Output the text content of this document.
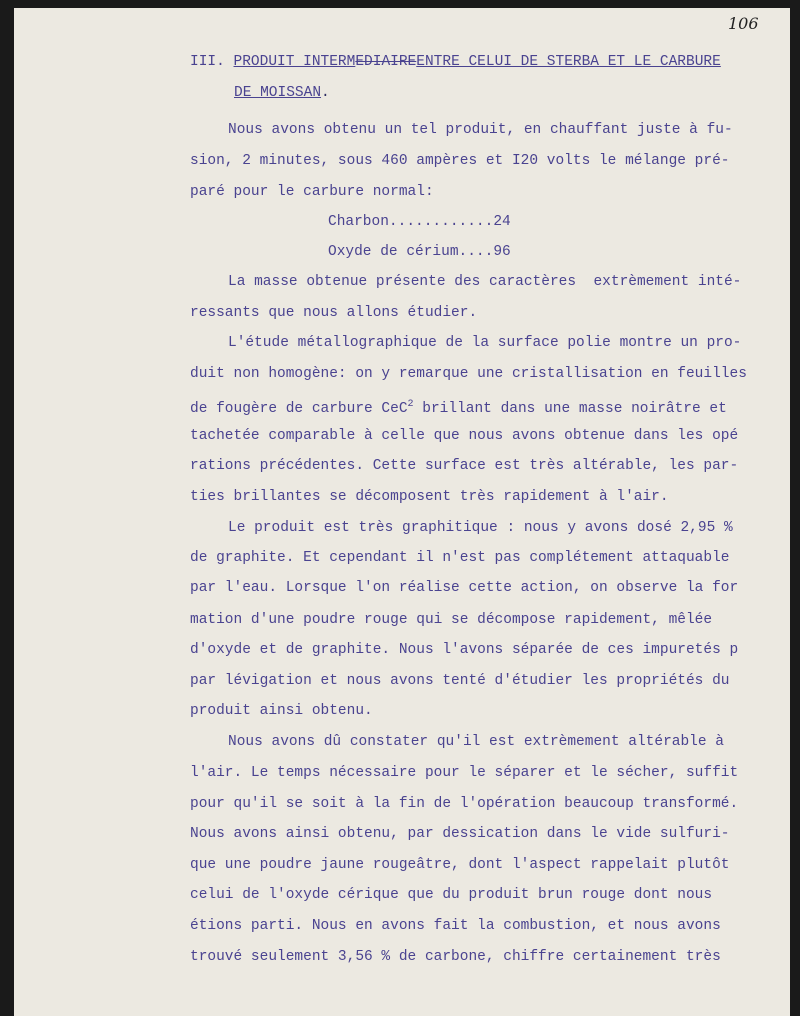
106
III. PRODUIT INTERMEDIAIREENTRE CELUI DE STERBA ET LE CARBURE
DE MOISSAN.
Nous avons obtenu un tel produit, en chauffant juste à fu-
sion, 2 minutes, sous 460 ampères et I20 volts le mélange pré-
paré pour le carbure normal:
Charbon............24
Oxyde de cérium....96
La masse obtenue présente des caractères  extrèmement inté-
ressants que nous allons étudier.
L'étude métallographique de la surface polie montre un pro-
duit non homogène: on y remarque une cristallisation en feuilles
de fougère de carbure CeC$^2$ brillant dans une masse noirâtre et
tachetée comparable à celle que nous avons obtenue dans les opé
rations précédentes. Cette surface est très altérable, les par-
ties brillantes se décomposent très rapidement à l'air.
Le produit est très graphitique : nous y avons dosé 2,95 %
de graphite. Et cependant il n'est pas complétement attaquable
par l'eau. Lorsque l'on réalise cette action, on observe la for
mation d'une poudre rouge qui se décompose rapidement, mêlée
d'oxyde et de graphite. Nous l'avons séparée de ces impuretés p
par lévigation et nous avons tenté d'étudier les propriétés du
produit ainsi obtenu.
Nous avons dû constater qu'il est extrèmement altérable à
l'air. Le temps nécessaire pour le séparer et le sécher, suffit
pour qu'il se soit à la fin de l'opération beaucoup transformé.
Nous avons ainsi obtenu, par dessication dans le vide sulfuri-
que une poudre jaune rougeâtre, dont l'aspect rappelait plutôt
celui de l'oxyde cérique que du produit brun rouge dont nous
étions parti. Nous en avons fait la combustion, et nous avons
trouvé seulement 3,56 % de carbone, chiffre certainement très
